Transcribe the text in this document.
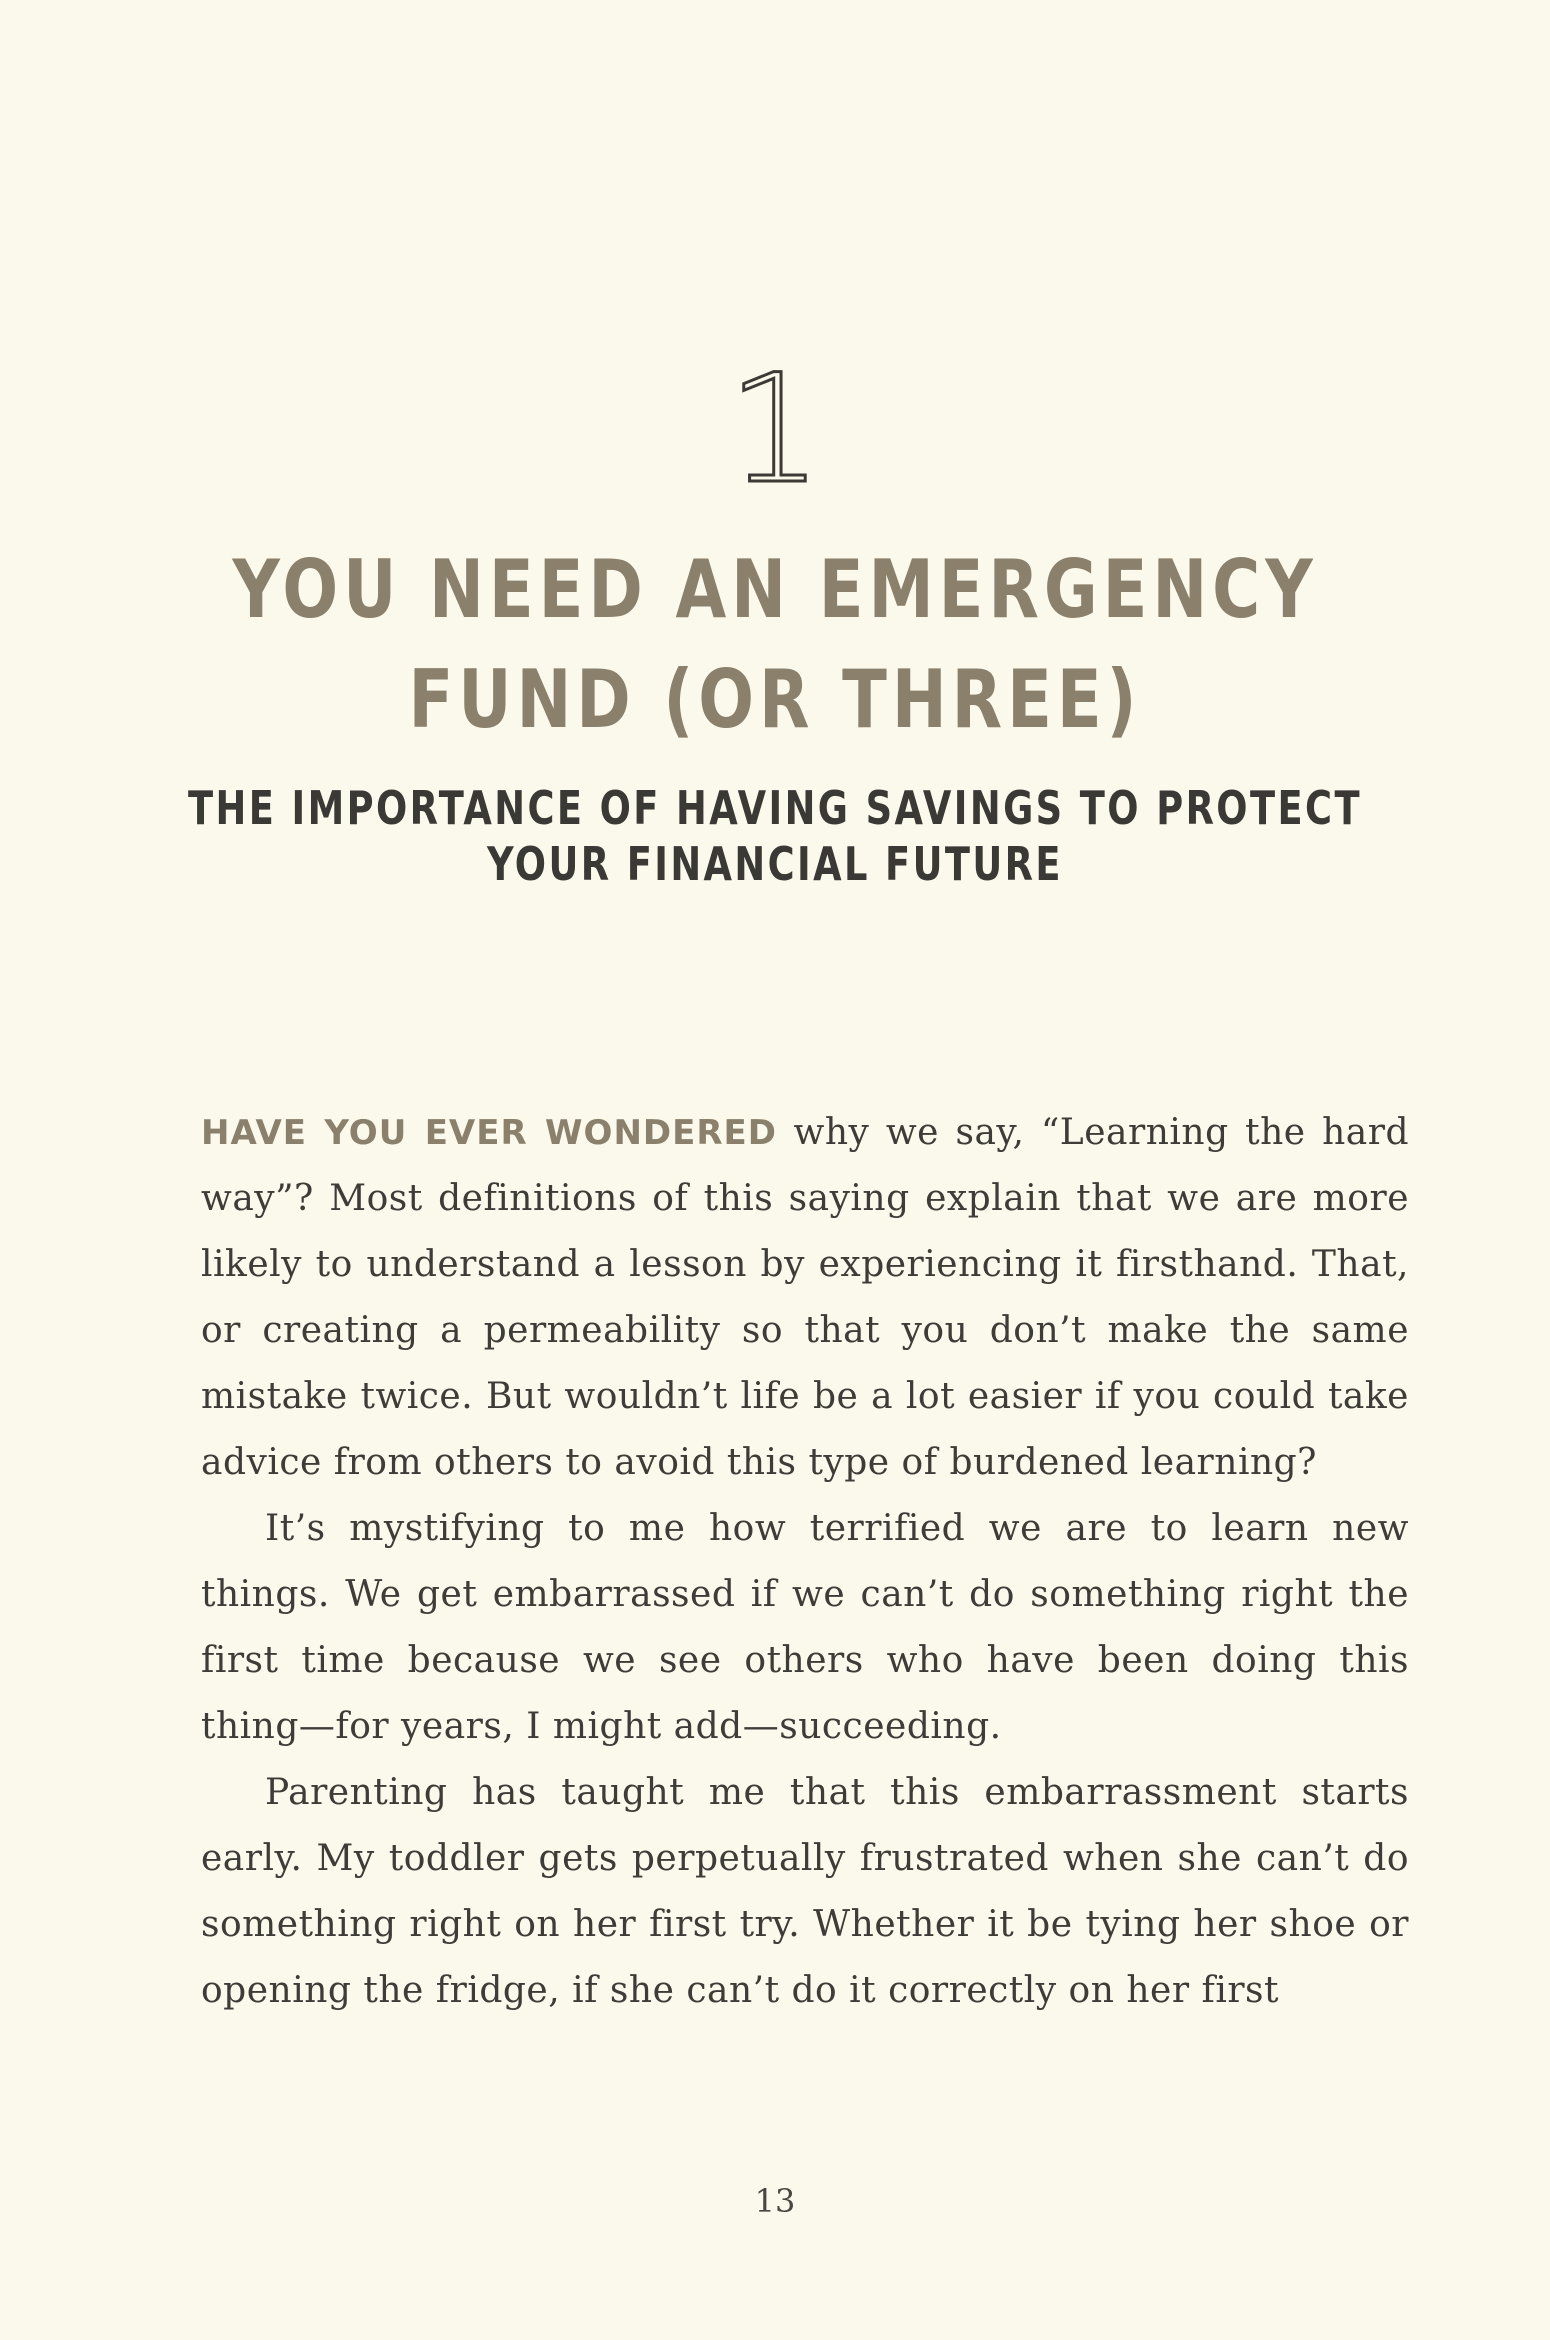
1
YOU NEED AN EMERGENCY
FUND (OR THREE)
THE IMPORTANCE OF HAVING SAVINGS TO PROTECT
YOUR FINANCIAL FUTURE

HAVE YOU EVER WONDERED why we say, “Learning the hard way”? Most definitions of this saying explain that we are more likely to understand a lesson by experiencing it firsthand. That, or creating a permeability so that you don’t make the same mistake twice. But wouldn’t life be a lot easier if you could take advice from others to avoid this type of burdened learning?

It’s mystifying to me how terrified we are to learn new things. We get embarrassed if we can’t do something right the first time because we see others who have been doing this thing—for years, I might add—succeeding.

Parenting has taught me that this embarrassment starts early. My toddler gets perpetually frustrated when she can’t do something right on her first try. Whether it be tying her shoe or opening the fridge, if she can’t do it correctly on her first

13
